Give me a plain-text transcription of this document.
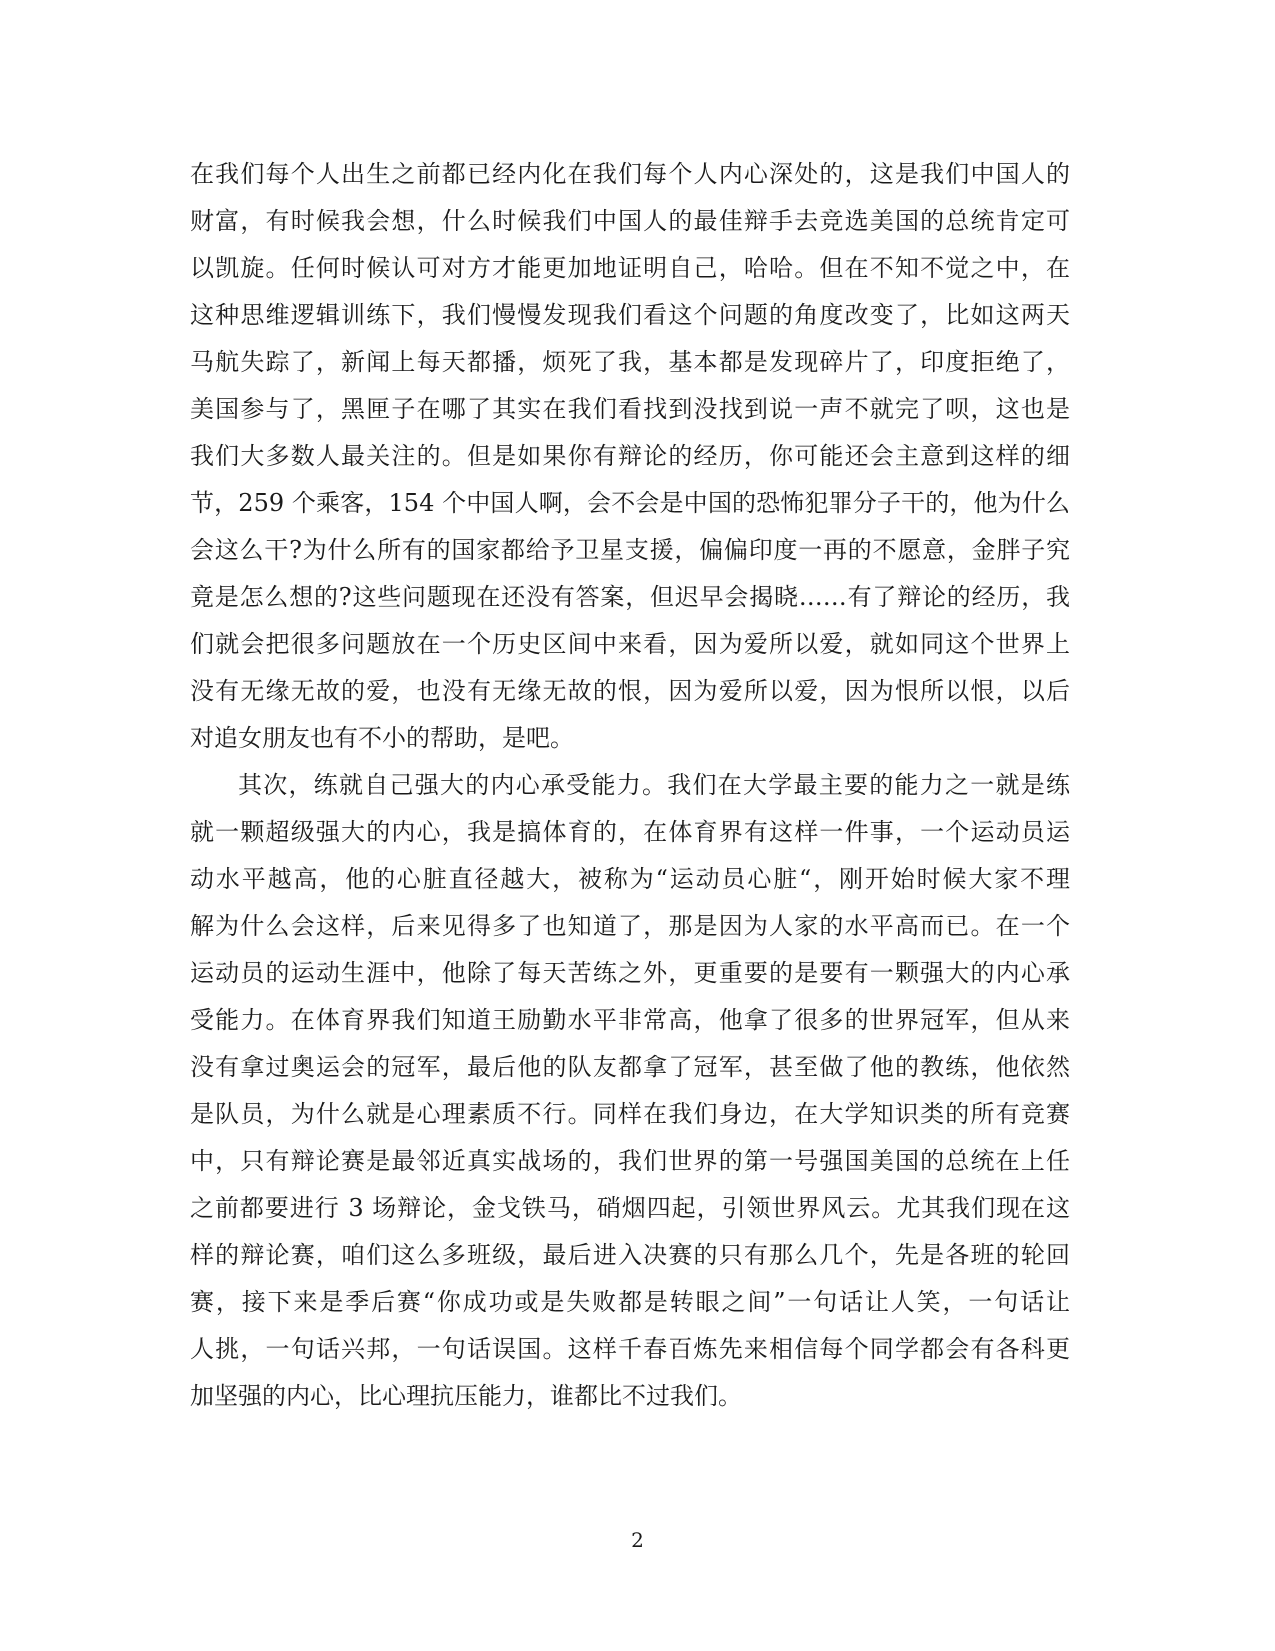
在我们每个人出生之前都已经内化在我们每个人内心深处的，这是我们中国人的
财富，有时候我会想，什么时候我们中国人的最佳辩手去竞选美国的总统肯定可
以凯旋。任何时候认可对方才能更加地证明自己，哈哈。但在不知不觉之中，在
这种思维逻辑训练下，我们慢慢发现我们看这个问题的角度改变了，比如这两天
马航失踪了，新闻上每天都播，烦死了我，基本都是发现碎片了，印度拒绝了，
美国参与了，黑匣子在哪了其实在我们看找到没找到说一声不就完了呗，这也是
我们大多数人最关注的。但是如果你有辩论的经历，你可能还会主意到这样的细
节，259 个乘客，154 个中国人啊，会不会是中国的恐怖犯罪分子干的，他为什么
会这么干?为什么所有的国家都给予卫星支援，偏偏印度一再的不愿意，金胖子究
竟是怎么想的?这些问题现在还没有答案，但迟早会揭晓……有了辩论的经历，我
们就会把很多问题放在一个历史区间中来看，因为爱所以爱，就如同这个世界上
没有无缘无故的爱，也没有无缘无故的恨，因为爱所以爱，因为恨所以恨，以后
对追女朋友也有不小的帮助，是吧。
其次，练就自己强大的内心承受能力。我们在大学最主要的能力之一就是练
就一颗超级强大的内心，我是搞体育的，在体育界有这样一件事，一个运动员运
动水平越高，他的心脏直径越大，被称为“运动员心脏“，刚开始时候大家不理
解为什么会这样，后来见得多了也知道了，那是因为人家的水平高而已。在一个
运动员的运动生涯中，他除了每天苦练之外，更重要的是要有一颗强大的内心承
受能力。在体育界我们知道王励勤水平非常高，他拿了很多的世界冠军，但从来
没有拿过奥运会的冠军，最后他的队友都拿了冠军，甚至做了他的教练，他依然
是队员，为什么就是心理素质不行。同样在我们身边，在大学知识类的所有竞赛
中，只有辩论赛是最邻近真实战场的，我们世界的第一号强国美国的总统在上任
之前都要进行 3 场辩论，金戈铁马，硝烟四起，引领世界风云。尤其我们现在这
样的辩论赛，咱们这么多班级，最后进入决赛的只有那么几个，先是各班的轮回
赛，接下来是季后赛“你成功或是失败都是转眼之间”一句话让人笑，一句话让
人挑，一句话兴邦，一句话误国。这样千春百炼先来相信每个同学都会有各科更
加坚强的内心，比心理抗压能力，谁都比不过我们。
2
